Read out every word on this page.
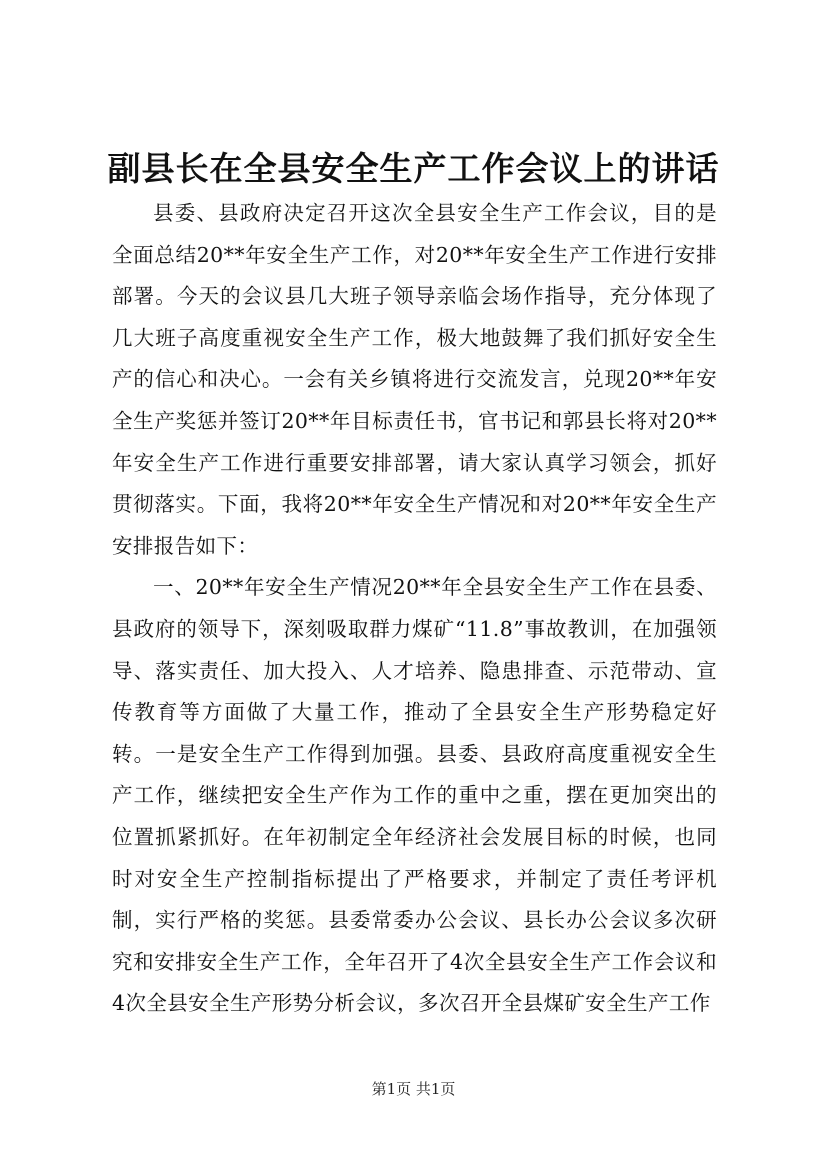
副县长在全县安全生产工作会议上的讲话

县委、县政府决定召开这次全县安全生产工作会议，目的是全面总结20**年安全生产工作，对20**年安全生产工作进行安排部署。今天的会议县几大班子领导亲临会场作指导，充分体现了几大班子高度重视安全生产工作，极大地鼓舞了我们抓好安全生产的信心和决心。一会有关乡镇将进行交流发言，兑现20**年安全生产奖惩并签订20**年目标责任书，官书记和郭县长将对20**年安全生产工作进行重要安排部署，请大家认真学习领会，抓好贯彻落实。下面，我将20**年安全生产情况和对20**年安全生产安排报告如下：

一、20**年安全生产情况20**年全县安全生产工作在县委、县政府的领导下，深刻吸取群力煤矿“11.8”事故教训，在加强领导、落实责任、加大投入、人才培养、隐患排查、示范带动、宣传教育等方面做了大量工作，推动了全县安全生产形势稳定好转。一是安全生产工作得到加强。县委、县政府高度重视安全生产工作，继续把安全生产作为工作的重中之重，摆在更加突出的位置抓紧抓好。在年初制定全年经济社会发展目标的时候，也同时对安全生产控制指标提出了严格要求，并制定了责任考评机制，实行严格的奖惩。县委常委办公会议、县长办公会议多次研究和安排安全生产工作，全年召开了4次全县安全生产工作会议和4次全县安全生产形势分析会议，多次召开全县煤矿安全生产工作

第1页 共1页
